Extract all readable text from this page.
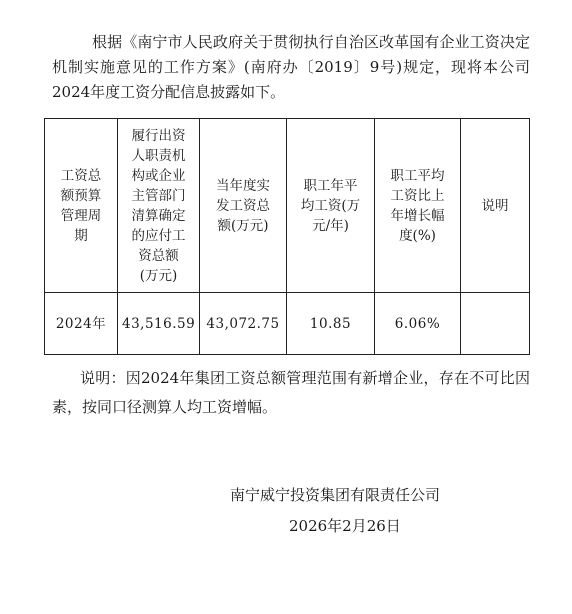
根据《南宁市人民政府关于贯彻执行自治区改革国有企业工资决定机制实施意见的工作方案》(南府办〔2019〕9号)规定，现将本公司2024年度工资分配信息披露如下。

工资总额预算管理周期	履行出资人职责机构或企业主管部门清算确定的应付工资总额(万元)	当年度实发工资总额(万元)	职工年平均工资(万元/年)	职工平均工资比上年增长幅度(%)	说明
2024年	43,516.59	43,072.75	10.85	6.06%	

说明：因2024年集团工资总额管理范围有新增企业，存在不可比因素，按同口径测算人均工资增幅。

南宁威宁投资集团有限责任公司
2026年2月26日
